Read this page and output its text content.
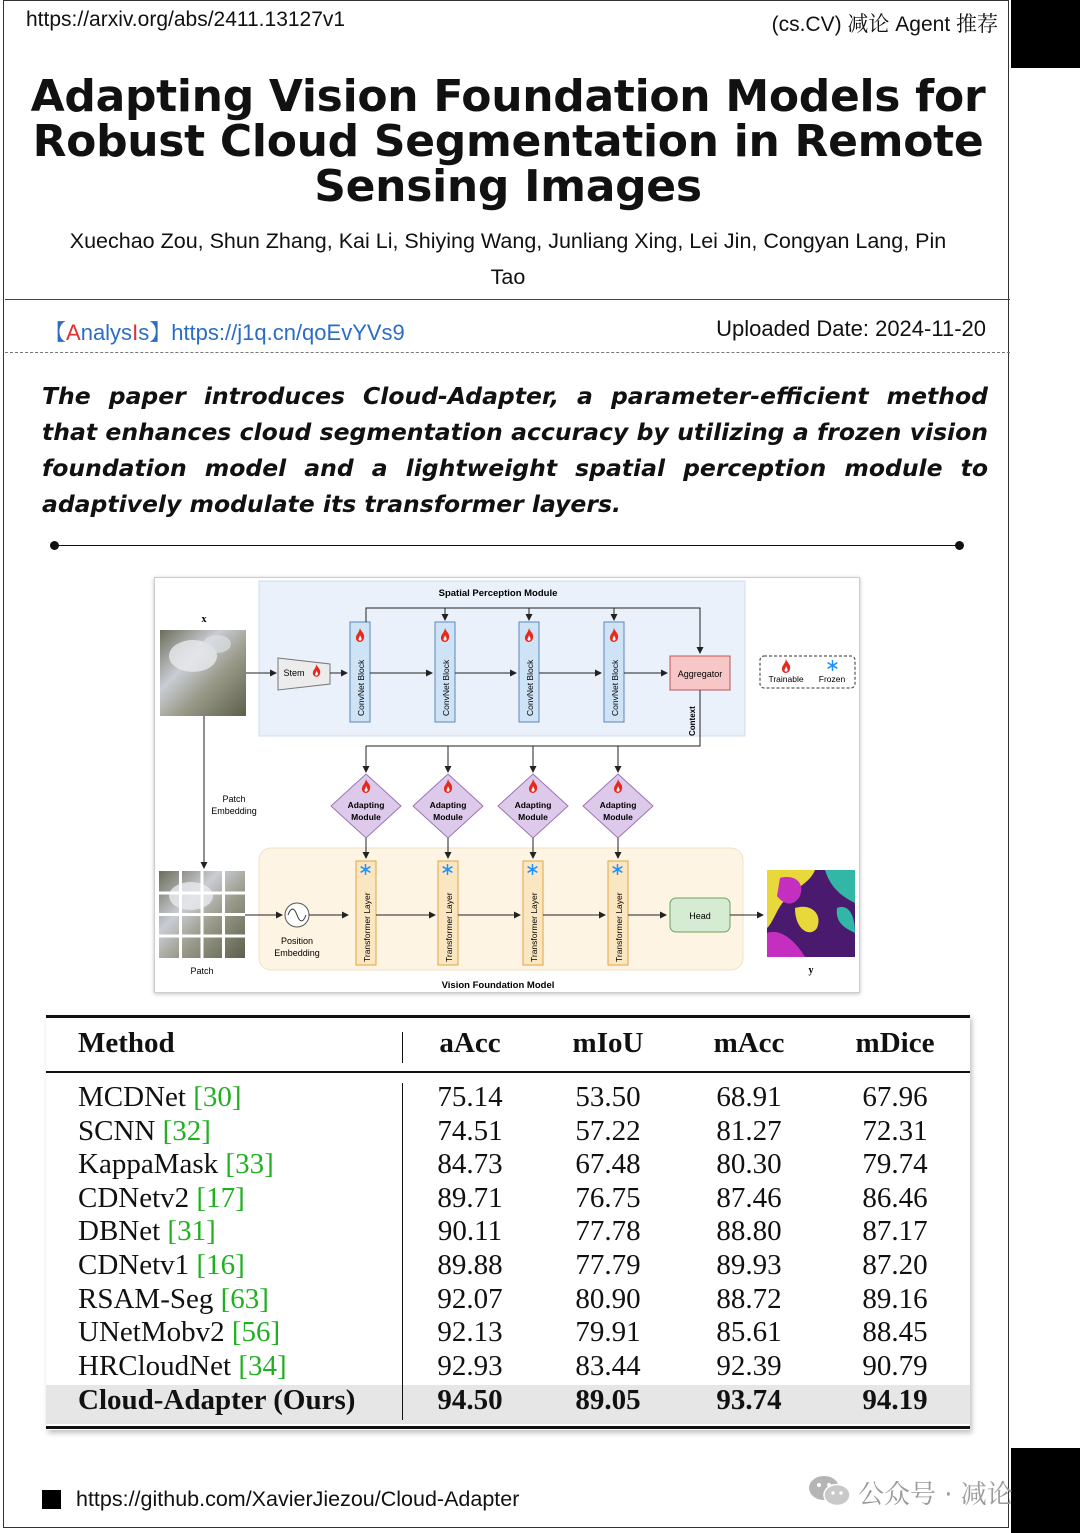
https://arxiv.org/abs/2411.13127v1	(cs.CV) 减论 Agent 推荐
Adapting Vision Foundation Models for
Robust Cloud Segmentation in Remote
Sensing Images
Xuechao Zou, Shun Zhang, Kai Li, Shiying Wang, Junliang Xing, Lei Jin, Congyan Lang, Pin
Tao
【AnalysIs】https://j1q.cn/qoEvYVs9	Uploaded Date: 2024-11-20
The paper introduces Cloud-Adapter, a parameter-efficient method that enhances cloud segmentation accuracy by utilizing a frozen vision foundation model and a lightweight spatial perception module to adaptively modulate its transformer layers.
Spatial Perception Module
Vision Foundation Model
x
Stem	ConvNet Block	ConvNet Block	ConvNet Block	ConvNet Block	Aggregator
Context
Adapting
Module
Adapting
Module
Adapting
Module
Adapting
Module
Patch
Embedding
Patch
Position
Embedding	Transformer Layer	Transformer Layer	Transformer Layer	Transformer Layer	Head
y
Trainable Frozen
Method	aAcc	mIoU	mAcc	mDice
MCDNet [30]	75.14	53.50	68.91	67.96
SCNN [32]	74.51	57.22	81.27	72.31
KappaMask [33]	84.73	67.48	80.30	79.74
CDNetv2 [17]	89.71	76.75	87.46	86.46
DBNet [31]	90.11	77.78	88.80	87.17
CDNetv1 [16]	89.88	77.79	89.93	87.20
RSAM-Seg [63]	92.07	80.90	88.72	89.16
UNetMobv2 [56]	92.13	79.91	85.61	88.45
HRCloudNet [34]	92.93	83.44	92.39	90.79
Cloud-Adapter (Ours)	94.50	89.05	93.74	94.19
https://github.com/XavierJiezou/Cloud-Adapter	公众号 · 减论
